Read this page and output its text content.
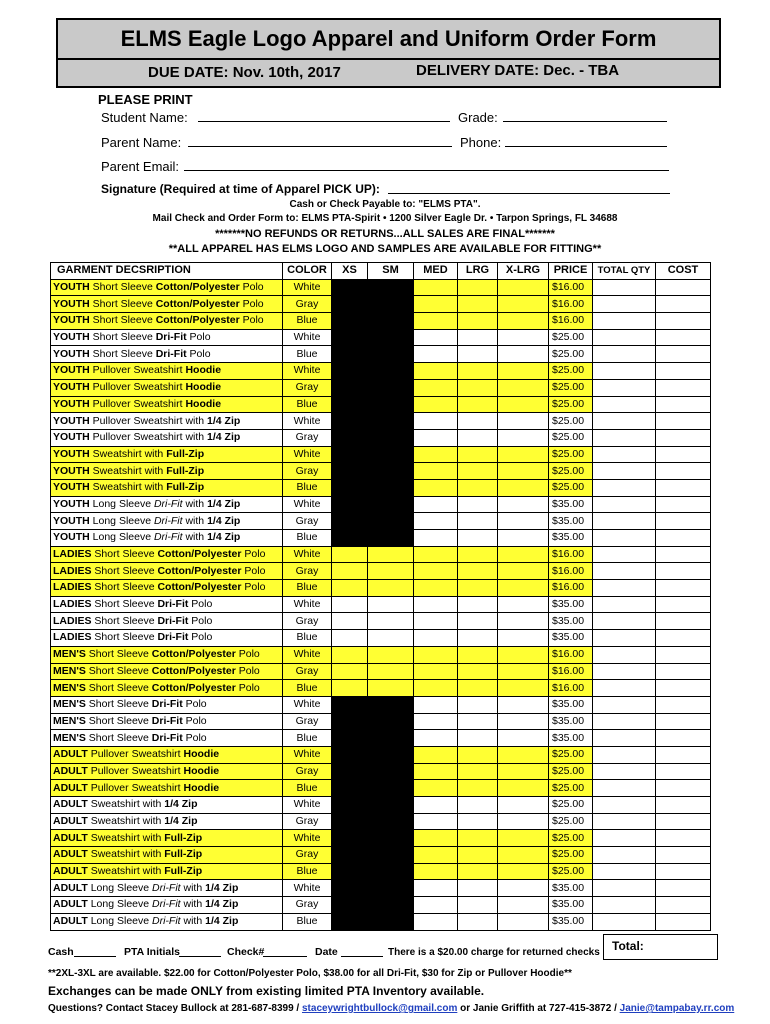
ELMS Eagle Logo Apparel and Uniform Order Form
DUE DATE: Nov. 10th, 2017	DELIVERY DATE: Dec. - TBA
PLEASE PRINT
Student Name:	Grade:
Parent Name:	Phone:
Parent Email:
Signature (Required at time of Apparel PICK UP):
Cash or Check Payable to: "ELMS PTA".
Mail Check and Order Form to: ELMS PTA-Spirit • 1200 Silver Eagle Dr. • Tarpon Springs, FL 34688
*******NO REFUNDS OR RETURNS...ALL SALES ARE FINAL*******
**ALL APPAREL HAS ELMS LOGO AND SAMPLES ARE AVAILABLE FOR FITTING**
GARMENT DECSRIPTION	COLOR	XS	SM	MED	LRG	X-LRG	PRICE	TOTAL QTY	COST
YOUTH Short Sleeve Cotton/Polyester Polo	White						$16.00		
YOUTH Short Sleeve Cotton/Polyester Polo	Gray						$16.00		
YOUTH Short Sleeve Cotton/Polyester Polo	Blue						$16.00		
YOUTH Short Sleeve Dri-Fit Polo	White						$25.00		
YOUTH Short Sleeve Dri-Fit Polo	Blue						$25.00		
YOUTH Pullover Sweatshirt Hoodie	White						$25.00		
YOUTH Pullover Sweatshirt Hoodie	Gray						$25.00		
YOUTH Pullover Sweatshirt Hoodie	Blue						$25.00		
YOUTH Pullover Sweatshirt with 1/4 Zip	White						$25.00		
YOUTH Pullover Sweatshirt with 1/4 Zip	Gray						$25.00		
YOUTH Sweatshirt with Full-Zip	White						$25.00		
YOUTH Sweatshirt with Full-Zip	Gray						$25.00		
YOUTH Sweatshirt with Full-Zip	Blue						$25.00		
YOUTH Long Sleeve Dri-Fit with 1/4 Zip	White						$35.00		
YOUTH Long Sleeve Dri-Fit with 1/4 Zip	Gray						$35.00		
YOUTH Long Sleeve Dri-Fit with 1/4 Zip	Blue						$35.00		
LADIES Short Sleeve Cotton/Polyester Polo	White						$16.00		
LADIES Short Sleeve Cotton/Polyester Polo	Gray						$16.00		
LADIES Short Sleeve Cotton/Polyester Polo	Blue						$16.00		
LADIES Short Sleeve Dri-Fit Polo	White						$35.00		
LADIES Short Sleeve Dri-Fit Polo	Gray						$35.00		
LADIES Short Sleeve Dri-Fit Polo	Blue						$35.00		
MEN'S Short Sleeve Cotton/Polyester Polo	White						$16.00		
MEN'S Short Sleeve Cotton/Polyester Polo	Gray						$16.00		
MEN'S Short Sleeve Cotton/Polyester Polo	Blue						$16.00		
MEN'S Short Sleeve Dri-Fit Polo	White						$35.00		
MEN'S Short Sleeve Dri-Fit Polo	Gray						$35.00		
MEN'S Short Sleeve Dri-Fit Polo	Blue						$35.00		
ADULT Pullover Sweatshirt Hoodie	White						$25.00		
ADULT Pullover Sweatshirt Hoodie	Gray						$25.00		
ADULT Pullover Sweatshirt Hoodie	Blue						$25.00		
ADULT Sweatshirt with 1/4 Zip	White						$25.00		
ADULT Sweatshirt with 1/4 Zip	Gray						$25.00		
ADULT Sweatshirt with Full-Zip	White						$25.00		
ADULT Sweatshirt with Full-Zip	Gray						$25.00		
ADULT Sweatshirt with Full-Zip	Blue						$25.00		
ADULT Long Sleeve Dri-Fit with 1/4 Zip	White						$35.00		
ADULT Long Sleeve Dri-Fit with 1/4 Zip	Gray						$35.00		
ADULT Long Sleeve Dri-Fit with 1/4 Zip	Blue						$35.00		
Cash	PTA Initials	Check#	Date	There is a $20.00 charge for returned checks	Total:
**2XL-3XL are available. $22.00 for Cotton/Polyester Polo, $38.00 for all Dri-Fit, $30 for Zip or Pullover Hoodie**
Exchanges can be made ONLY from existing limited PTA Inventory available.
Questions? Contact Stacey Bullock at 281-687-8399 / staceywrightbullock@gmail.com or Janie Griffith at 727-415-3872 / Janie@tampabay.rr.com
